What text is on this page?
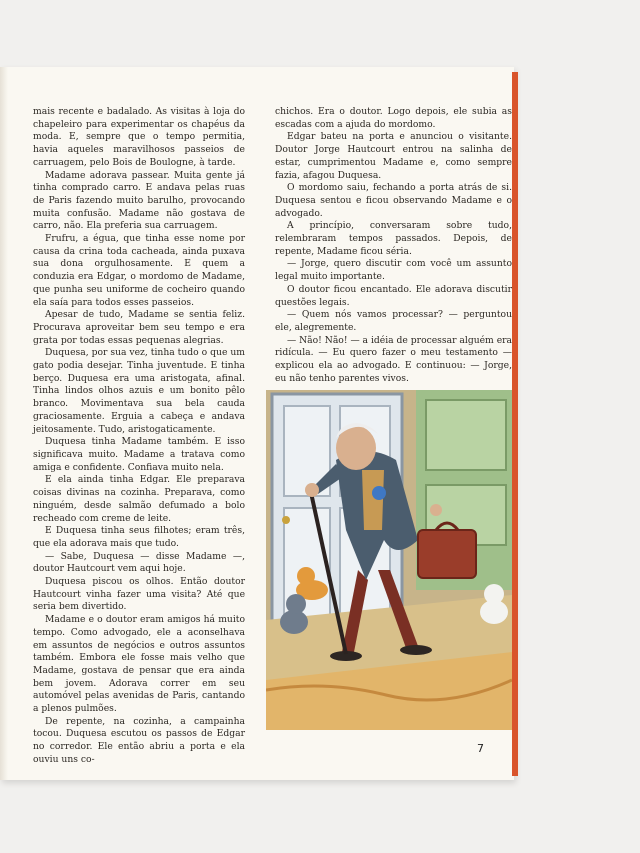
mais recente e badalado. As visitas à loja do chapeleiro para experimentar os chapéus da moda. E, sempre que o tempo permitia, havia aqueles maravilhosos passeios de carruagem, pelo Bois de Boulogne, à tarde.

Madame adorava passear. Muita gente já tinha comprado carro. E andava pelas ruas de Paris fazendo muito barulho, provocando muita confusão. Madame não gostava de carro, não. Ela preferia sua carruagem.

Frufru, a égua, que tinha esse nome por causa da crina toda cacheada, ainda puxava sua dona orgulhosamente. E quem a conduzia era Edgar, o mordomo de Madame, que punha seu uniforme de cocheiro quando ela saía para todos esses passeios.

Apesar de tudo, Madame se sentia feliz. Procurava aproveitar bem seu tempo e era grata por todas essas pequenas alegrias.

Duquesa, por sua vez, tinha tudo o que um gato podia desejar. Tinha juventude. E tinha berço. Duquesa era uma aristogata, afinal. Tinha lindos olhos azuis e um bonito pêlo branco. Movimentava sua bela cauda graciosamente. Erguia a cabeça e andava jeitosamente. Tudo, aristogaticamente.

Duquesa tinha Madame também. E isso significava muito. Madame a tratava como amiga e confidente. Confiava muito nela.

E ela ainda tinha Edgar. Ele preparava coisas divinas na cozinha. Preparava, como ninguém, desde salmão defumado a bolo recheado com creme de leite.

E Duquesa tinha seus filhotes; eram três, que ela adorava mais que tudo.

— Sabe, Duquesa — disse Madame —, doutor Hautcourt vem aqui hoje.

Duquesa piscou os olhos. Então doutor Hautcourt vinha fazer uma visita? Até que seria bem divertido.

Madame e o doutor eram amigos há muito tempo. Como advogado, ele a aconselhava em assuntos de negócios e outros assuntos também. Embora ele fosse mais velho que Madame, gostava de pensar que era ainda bem jovem. Adorava correr em seu automóvel pelas avenidas de Paris, cantando a plenos pulmões.

De repente, na cozinha, a campainha tocou. Duquesa escutou os passos de Edgar no corredor. Ele então abriu a porta e ela ouviu uns co-

chichos. Era o doutor. Logo depois, ele subia as escadas com a ajuda do mordomo.

Edgar bateu na porta e anunciou o visitante. Doutor Jorge Hautcourt entrou na salinha de estar, cumprimentou Madame e, como sempre fazia, afagou Duquesa.

O mordomo saiu, fechando a porta atrás de si. Duquesa sentou e ficou observando Madame e o advogado.

A princípio, conversaram sobre tudo, relembraram tempos passados. Depois, de repente, Madame ficou séria.

— Jorge, quero discutir com você um assunto legal muito importante.

O doutor ficou encantado. Ele adorava discutir questões legais.

— Quem nós vamos processar? — perguntou ele, alegremente.

— Não! Não! — a idéia de processar alguém era ridícula. — Eu quero fazer o meu testamento — explicou ela ao advogado. E continuou: — Jorge, eu não tenho parentes vivos.

7
